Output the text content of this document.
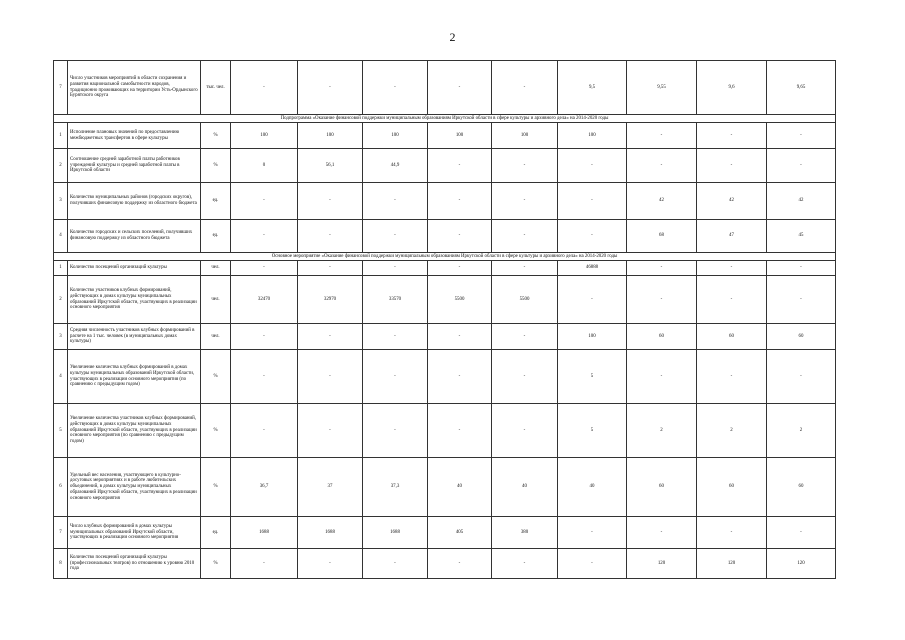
2
7	Число участников мероприятий в области сохранения и развития национальной самобытности народов, традиционно проживающих на территории Усть-Ордынского Бурятского округа	тыс. чел.	-	-	-	-	-	9,5	9,55	9,6	9,65
Подпрограмма «Оказание финансовой поддержки муниципальным образованиям Иркутской области в сфере культуры и архивного дела» на 2014-2020 годы											
1	Исполнение плановых значений по предоставлению межбюджетных трансфертов в сфере культуры	%	100	100	100	100	100	100	-	-	-
2	Соотношение средней заработной платы работников учреждений культуры и средней заработной платы в Иркутской области	%	0	56,1	44,9	-	-	-	-	-	-
3	Количество муниципальных районов (городских округов), получивших финансовую поддержку из областного бюджета	ед.	-	-	-	-	-	-	42	42	42
4	Количество городских и сельских поселений, получивших финансовую поддержку из областного бюджета	ед.	-	-	-	-	-	-	68	47	45
Основное мероприятие «Оказание финансовой поддержки муниципальным образованиям Иркутской области в сфере культуры и архивного дела» на 2014-2020 годы											
1	Количество посещений организаций культуры	чел.	-	-	-	-	-	46888	-	-	-
2	Количество участников клубных формирований, действующих в домах культуры муниципальных образований Иркутской области, участвующих в реализации основного мероприятия	чел.	32470	32970	33570	5500	5500	-	-	-	-
3	Средняя численность участников клубных формирований в расчете на 1 тыс. человек (в муниципальных домах культуры)	чел.	-	-	-	-	-	100	60	60	60
4	Увеличение количества клубных формирований в домах культуры муниципальных образований Иркутской области, участвующих в реализации основного мероприятия (по сравнению с предыдущим годом)	%	-	-	-	-	-	5	-	-	-
5	Увеличение количества участников клубных формирований, действующих в домах культуры муниципальных образований Иркутской области, участвующих в реализации основного мероприятия (по сравнению с предыдущим годом)	%	-	-	-	-	-	5	2	2	2
6	Удельный вес населения, участвующего в культурно-досуговых мероприятиях и в работе любительских объединений, в домах культуры муниципальных образований Иркутской области, участвующих в реализации основного мероприятия	%	36,7	37	37,3	40	40	40	60	60	60
7	Число клубных формирований в домах культуры муниципальных образований Иркутской области, участвующих в реализации основного мероприятия	ед.	1688	1688	1688	405	380	-	-	-	-
8	Количество посещений организаций культуры (профессиональных театров) по отношению к уровню 2010 года	%	-	-	-	-	-	-	120	120	120
